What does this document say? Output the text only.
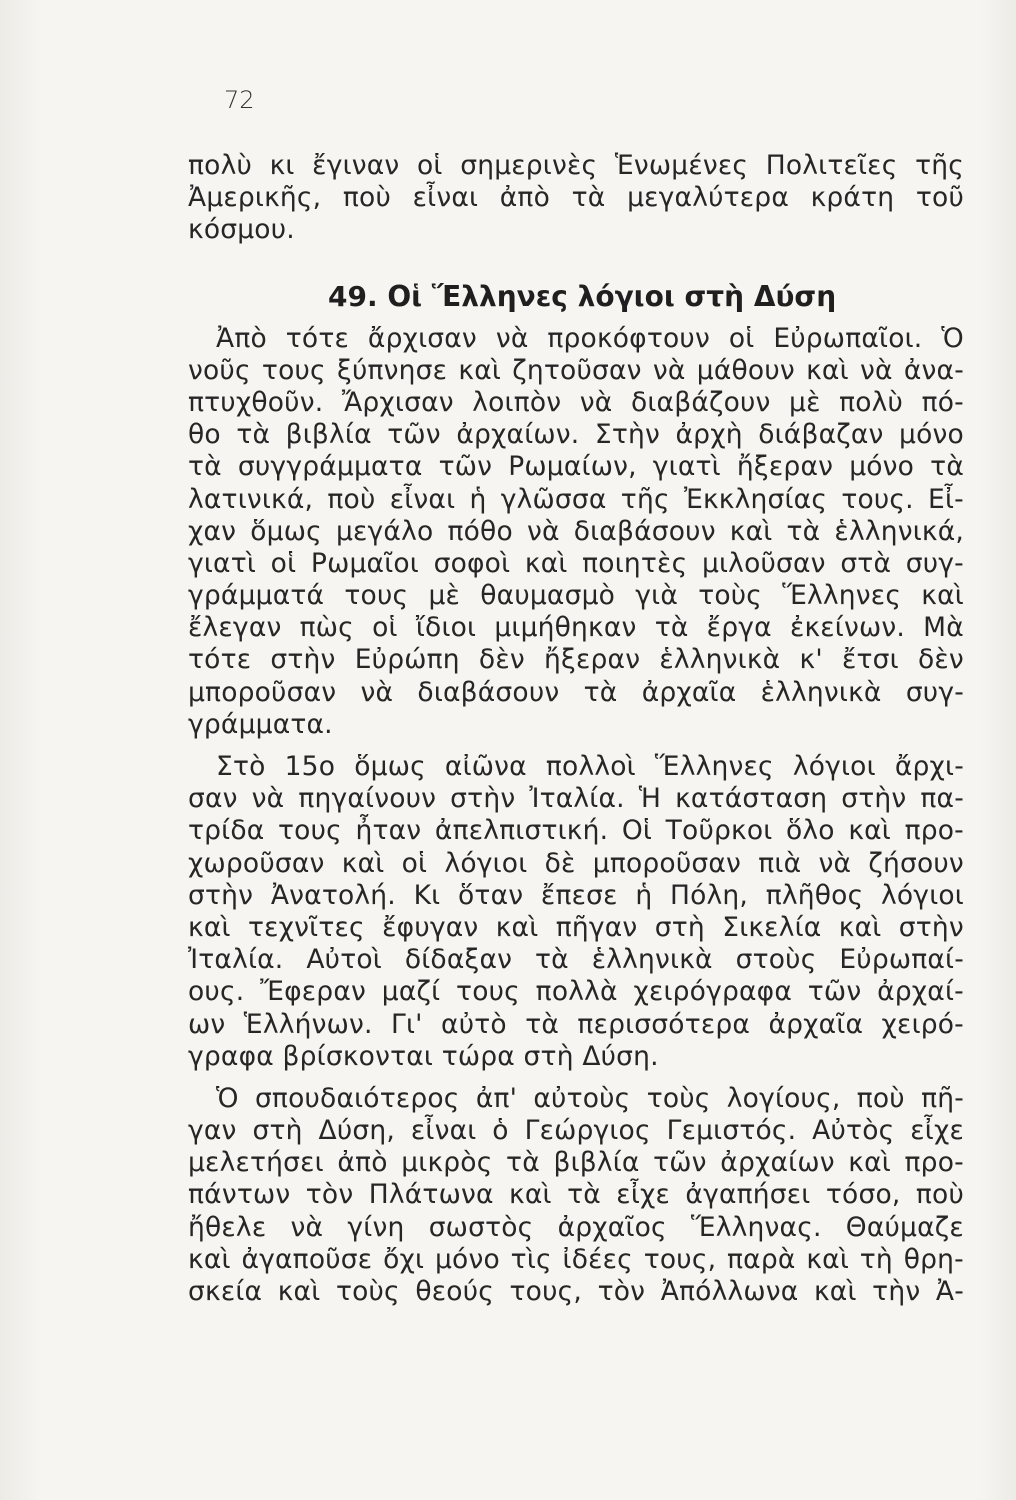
72
πολὺ κι ἔγιναν οἱ σημερινὲς Ἑνωμένες Πολιτεῖες τῆς
Ἀμερικῆς, ποὺ εἶναι ἀπὸ τὰ μεγαλύτερα κράτη τοῦ
κόσμου.
49. Οἱ Ἕλληνες λόγιοι στὴ Δύση
Ἀπὸ τότε ἄρχισαν νὰ προκόφτουν οἱ Εὐρωπαῖοι. Ὁ
νοῦς τους ξύπνησε καὶ ζητοῦσαν νὰ μάθουν καὶ νὰ ἀνα-
πτυχθοῦν. Ἄρχισαν λοιπὸν νὰ διαβάζουν μὲ πολὺ πό-
θο τὰ βιβλία τῶν ἀρχαίων. Στὴν ἀρχὴ διάβαζαν μόνο
τὰ συγγράμματα τῶν Ρωμαίων, γιατὶ ἤξεραν μόνο τὰ
λατινικά, ποὺ εἶναι ἡ γλῶσσα τῆς Ἐκκλησίας τους. Εἶ-
χαν ὅμως μεγάλο πόθο νὰ διαβάσουν καὶ τὰ ἑλληνικά,
γιατὶ οἱ Ρωμαῖοι σοφοὶ καὶ ποιητὲς μιλοῦσαν στὰ συγ-
γράμματά τους μὲ θαυμασμὸ γιὰ τοὺς Ἕλληνες καὶ
ἔλεγαν πὼς οἱ ἴδιοι μιμήθηκαν τὰ ἔργα ἐκείνων. Μὰ
τότε στὴν Εὐρώπη δὲν ἤξεραν ἑλληνικὰ κ' ἔτσι δὲν
μποροῦσαν νὰ διαβάσουν τὰ ἀρχαῖα ἑλληνικὰ συγ-
γράμματα.
Στὸ 15ο ὅμως αἰῶνα πολλοὶ Ἕλληνες λόγιοι ἄρχι-
σαν νὰ πηγαίνουν στὴν Ἰταλία. Ἡ κατάσταση στὴν πα-
τρίδα τους ἦταν ἀπελπιστική. Οἱ Τοῦρκοι ὅλο καὶ προ-
χωροῦσαν καὶ οἱ λόγιοι δὲ μποροῦσαν πιὰ νὰ ζήσουν
στὴν Ἀνατολή. Κι ὅταν ἔπεσε ἡ Πόλη, πλῆθος λόγιοι
καὶ τεχνῖτες ἔφυγαν καὶ πῆγαν στὴ Σικελία καὶ στὴν
Ἰταλία. Αὐτοὶ δίδαξαν τὰ ἑλληνικὰ στοὺς Εὐρωπαί-
ους. Ἔφεραν μαζί τους πολλὰ χειρόγραφα τῶν ἀρχαί-
ων Ἑλλήνων. Γι' αὐτὸ τὰ περισσότερα ἀρχαῖα χειρό-
γραφα βρίσκονται τώρα στὴ Δύση.
Ὁ σπουδαιότερος ἀπ' αὐτοὺς τοὺς λογίους, ποὺ πῆ-
γαν στὴ Δύση, εἶναι ὁ Γεώργιος Γεμιστός. Αὐτὸς εἶχε
μελετήσει ἀπὸ μικρὸς τὰ βιβλία τῶν ἀρχαίων καὶ προ-
πάντων τὸν Πλάτωνα καὶ τὰ εἶχε ἀγαπήσει τόσο, ποὺ
ἤθελε νὰ γίνη σωστὸς ἀρχαῖος Ἕλληνας. Θαύμαζε
καὶ ἀγαποῦσε ὄχι μόνο τὶς ἰδέες τους, παρὰ καὶ τὴ θρη-
σκεία καὶ τοὺς θεούς τους, τὸν Ἀπόλλωνα καὶ τὴν Ἀ-
